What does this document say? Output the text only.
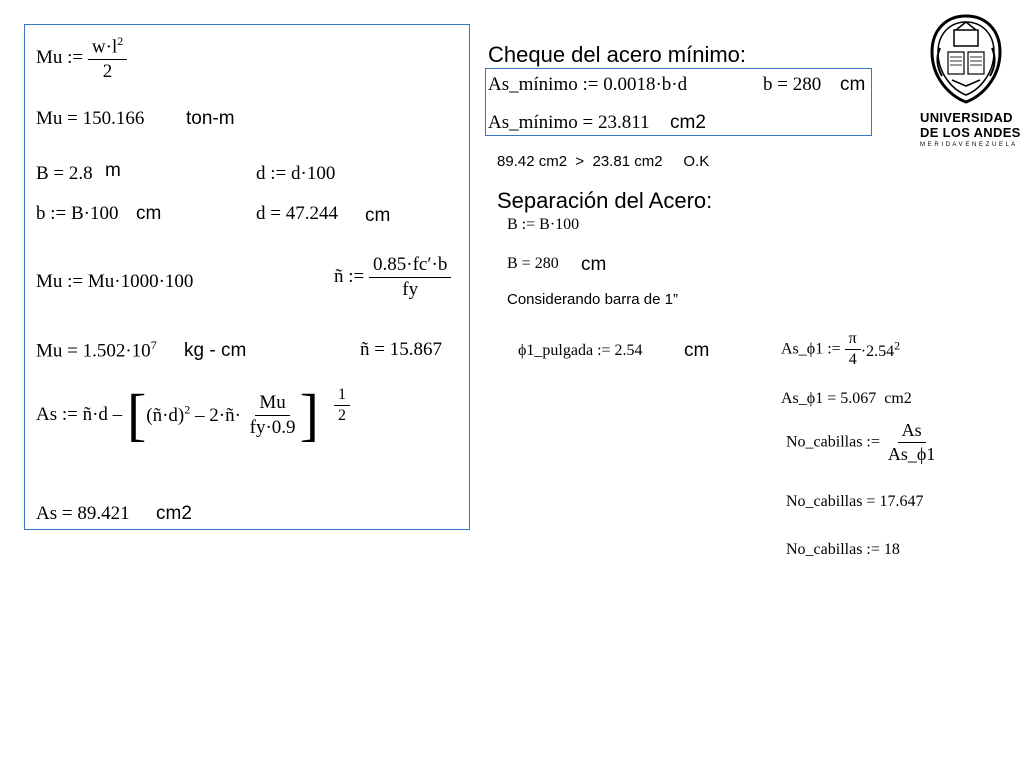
Mu := $\frac{w\cdot l^2}{2}$
Mu = 150.166 ton-m
B = 2.8 m	d := d·100
b := B·100 cm	d = 47.244 cm
Mu := Mu·1000·100	ñ := $\frac{0.85\cdot fc'\cdot b}{fy}$
$Mu = 1.502\cdot 10^7$ kg - cm	ñ = 15.867
As := ñ·d – [(ñ·d)$^2$ – 2·ñ· $\frac{Mu}{fy\cdot 0.9}$ ] $\frac{1}{2}$
As = 89.421 cm2
Cheque del acero mínimo:
As_mínimo := 0.0018·b·d	b = 280 cm
As_mínimo = 23.811 cm2
89.42 cm2 > 23.81 cm2 O.K
Separación del Acero:
B := B·100
B = 280 cm
Considerando barra de 1”
ϕ1_pulgada := 2.54 cm	As_ϕ1 := $\frac{\pi}{4} \cdot 2.54^2$
As_ϕ1 = 5.067 cm2
No_cabillas := $\frac{As}{As\_\phi 1}$
No_cabillas = 17.647
No_cabillas := 18
UNIVERSIDAD
DE LOS ANDES
M E R I D A V E N E Z U E L A
